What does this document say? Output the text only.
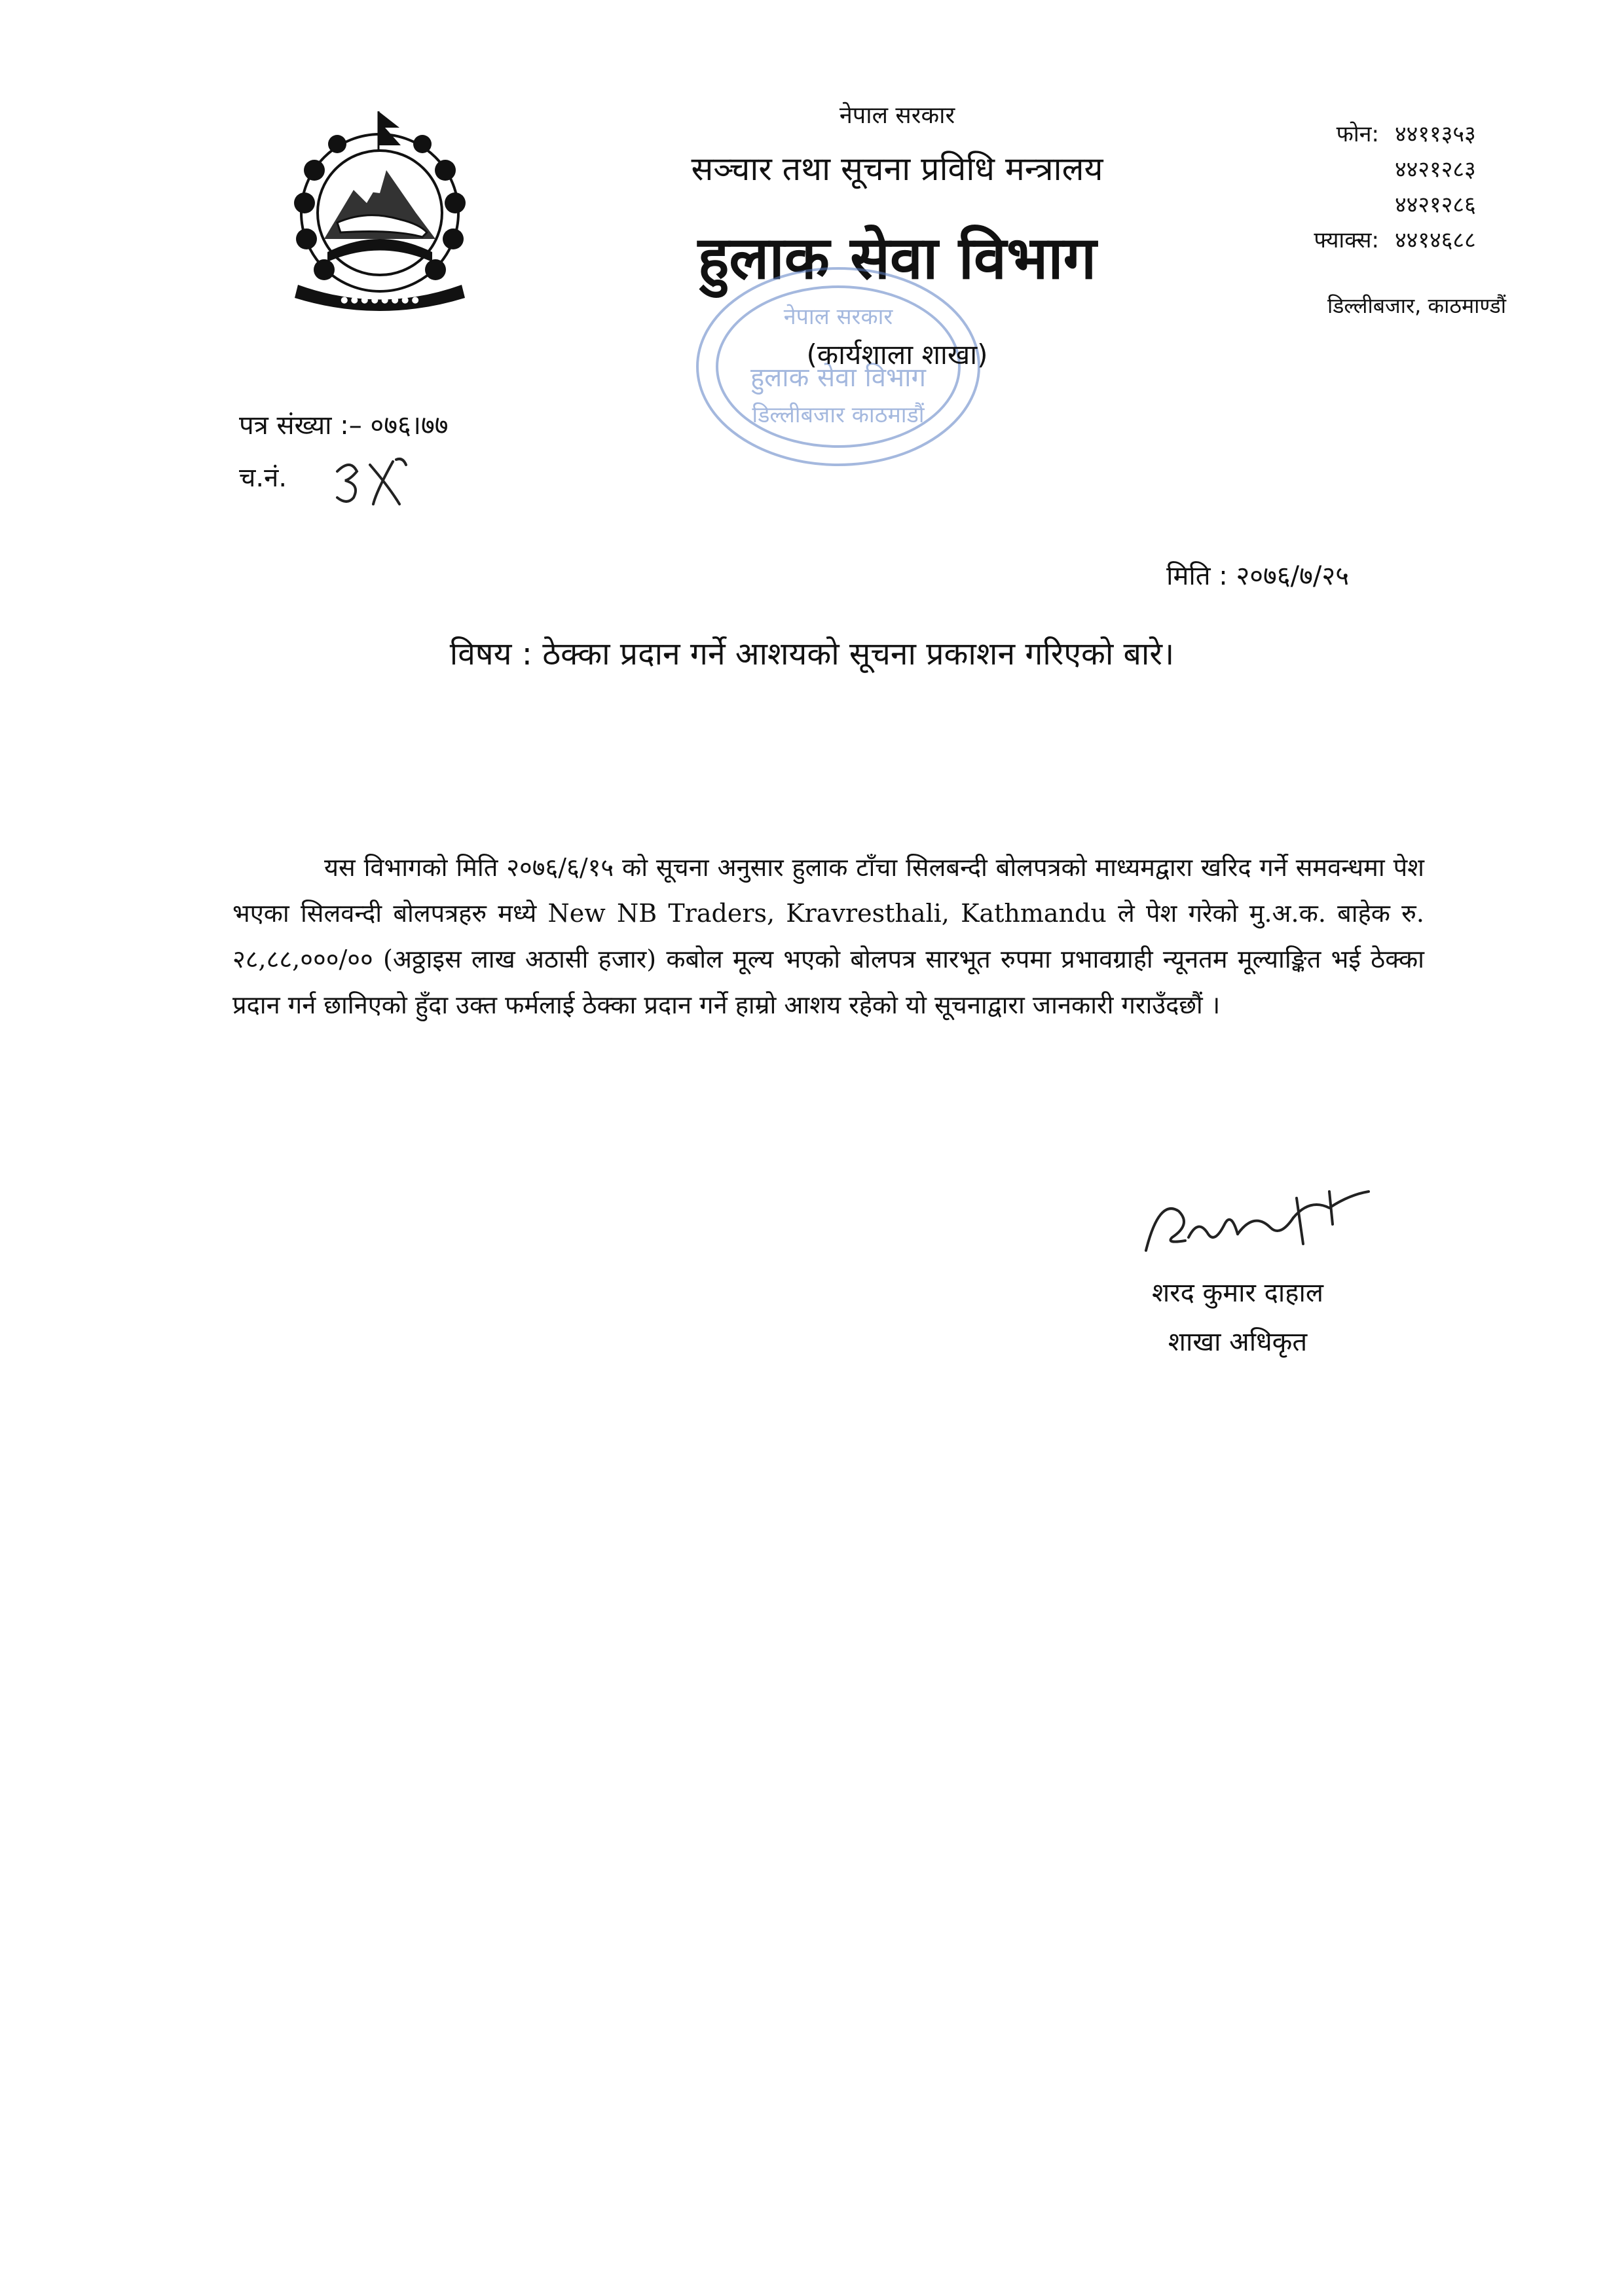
● ● ● ● ● ● ● ●
नेपाल सरकार
सञ्चार तथा सूचना प्रविधि मन्त्रालय
हुलाक सेवा विभाग
नेपाल सरकार
हुलाक सेवा विभाग
डिल्लीबजार काठमाडौं
(कार्यशाला शाखा)
फोन: ४४११३५३
४४२१२८३
४४२१२८६
फ्याक्स: ४४१४६८८
डिल्लीबजार, काठमाण्डौं
पत्र संख्या :– ०७६।७७
च.नं.
मिति : २०७६/७/२५
विषय : ठेक्का प्रदान गर्ने आशयको सूचना प्रकाशन गरिएको बारे।
यस विभागको मिति २०७६/६/१५ को सूचना अनुसार हुलाक टाँचा सिलबन्दी बोलपत्रको माध्यमद्वारा खरिद गर्ने समवन्धमा पेश भएका सिलवन्दी बोलपत्रहरु मध्ये New NB Traders, Kravresthali, Kathmandu ले पेश गरेको मु.अ.क. बाहेक रु. २८,८८,०००/०० (अठ्ठाइस लाख अठासी हजार) कबोल मूल्य भएको बोलपत्र सारभूत रुपमा प्रभावग्राही न्यूनतम मूल्याङ्कित भई ठेक्का प्रदान गर्न छानिएको हुँदा उक्त फर्मलाई ठेक्का प्रदान गर्ने हाम्रो आशय रहेको यो सूचनाद्वारा जानकारी गराउँदछौं ।
शरद कुमार दाहाल
शाखा अधिकृत
